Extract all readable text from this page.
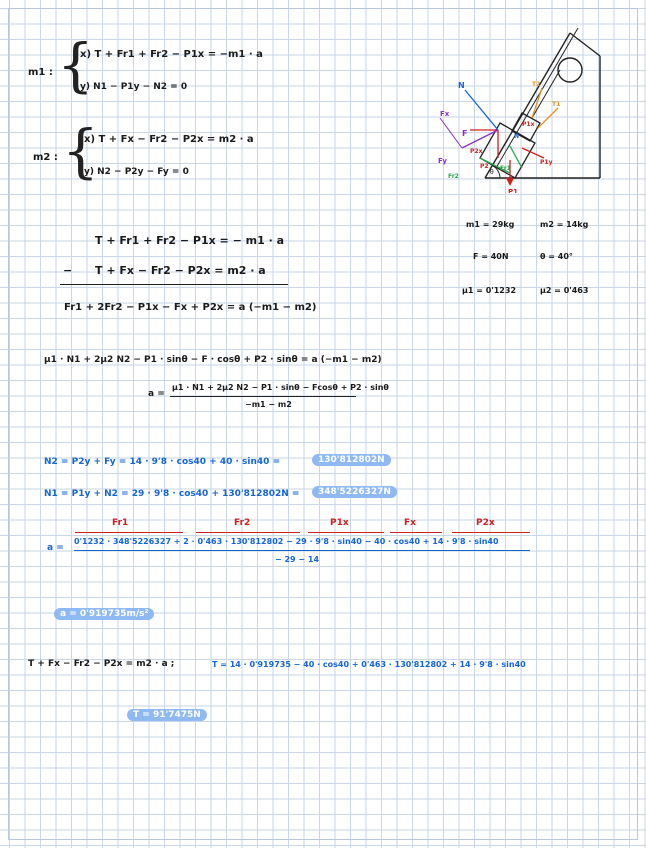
m1 : {
x) T + Fr1 + Fr2 − P1x = −m1 · a
y) N1 − P1y − N2 = 0
m2 : {
x) T + Fx − Fr2 − P2x = m2 · a
y) N2 − P2y − Fy = 0
N
Fx
F
Fy
P2x
P1x
Fr2
Fr1
P2
N
P1y
P1
T2
T1
θ
m1 = 29kg	m2 = 14kg
F = 40N	θ = 40°
μ1 = 0'1232	μ2 = 0'463
T + Fr1 + Fr2 − P1x = − m1 · a
− T + Fx − Fr2 − P2x = m2 · a
Fr1 + 2Fr2 − P1x − Fx + P2x = a (−m1 − m2)
μ1 · N1 + 2μ2 N2 − P1 · sinθ − F · cosθ + P2 · sinθ = a (−m1 − m2)
a =
μ1 · N1 + 2μ2 N2 − P1 · sinθ − Fcosθ + P2 · sinθ
−m1 − m2
N2 = P2y + Fy = 14 · 9'8 · cos40 + 40 · sin40 =	130'812802N
N1 = P1y + N2 = 29 · 9'8 · cos40 + 130'812802N =	348'5226327N
Fr1	Fr2	P1x	Fx	P2x
a =
0'1232 · 348'5226327 + 2 · 0'463 · 130'812802 − 29 · 9'8 · sin40 − 40 · cos40 + 14 · 9'8 · sin40
− 29 − 14
a = 0'919735m/s²
T + Fx − Fr2 − P2x = m2 · a ;	T = 14 · 0'919735 − 40 · cos40 + 0'463 · 130'812802 + 14 · 9'8 · sin40
T = 91'7475N
